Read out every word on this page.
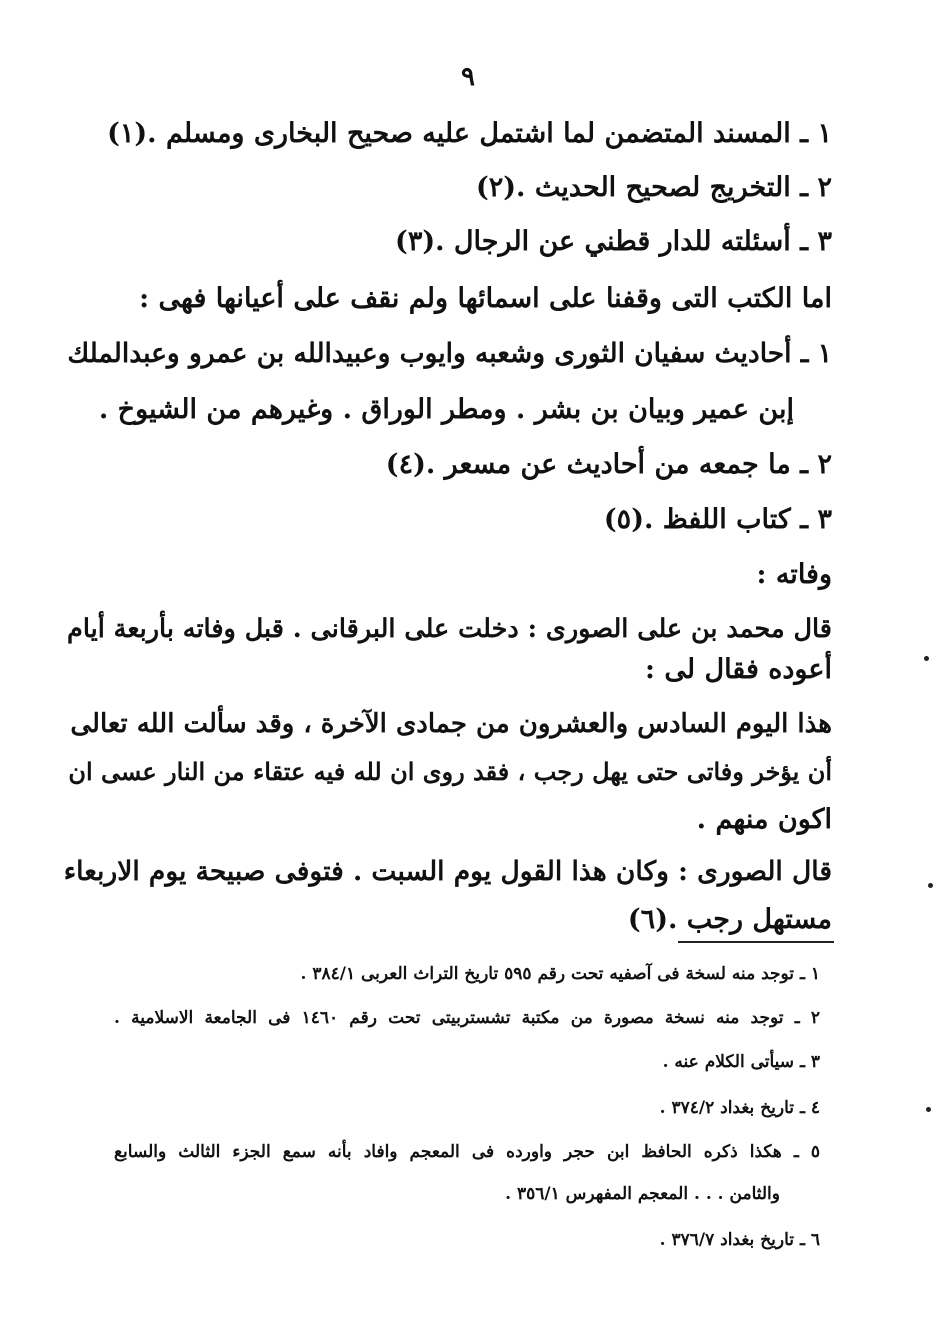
٩
١ ـ المسند المتضمن لما اشتمل عليه صحيح البخارى ومسلم .(١)
٢ ـ التخريج لصحيح الحديث .(٢)
٣ ـ أسئلته للدار قطني عن الرجال .(٣)
اما الكتب التى وقفنا على اسمائها ولم نقف على أعيانها فهى :
١ ـ أحاديث سفيان الثورى وشعبه وايوب وعبيدالله بن عمرو وعبدالملك
إبن عمير وبيان بن بشر . ومطر الوراق . وغيرهم من الشيوخ .
٢ ـ ما جمعه من أحاديث عن مسعر .(٤)
٣ ـ كتاب اللفظ .(٥)
وفاته :
قال محمد بن على الصورى : دخلت على البرقانى . قبل وفاته بأربعة أيام
أعوده فقال لى :
هذا اليوم السادس والعشرون من جمادى الآخرة ، وقد سألت الله تعالى
أن يؤخر وفاتى حتى يهل رجب ، فقد روى ان لله فيه عتقاء من النار عسى ان
اكون منهم .
قال الصورى : وكان هذا القول يوم السبت . فتوفى صبيحة يوم الاربعاء
مستهل رجب .(٦)
١ ـ توجد منه لسخة فى آصفيه تحت رقم ٥٩٥ تاريخ التراث العربى ٣٨٤/١ .
٢ ـ توجد منه نسخة مصورة من مكتبة تشستربيتى تحت رقم ١٤٦٠ فى الجامعة الاسلامية .
٣ ـ سيأتى الكلام عنه .
٤ ـ تاريخ بغداد ٣٧٤/٢ .
٥ ـ هكذا ذكره الحافظ ابن حجر واورده فى المعجم وافاد بأنه سمع الجزء الثالث والسابع
والثامن . . . المعجم المفهرس ٣٥٦/١ .
٦ ـ تاريخ بغداد ٣٧٦/٧ .
